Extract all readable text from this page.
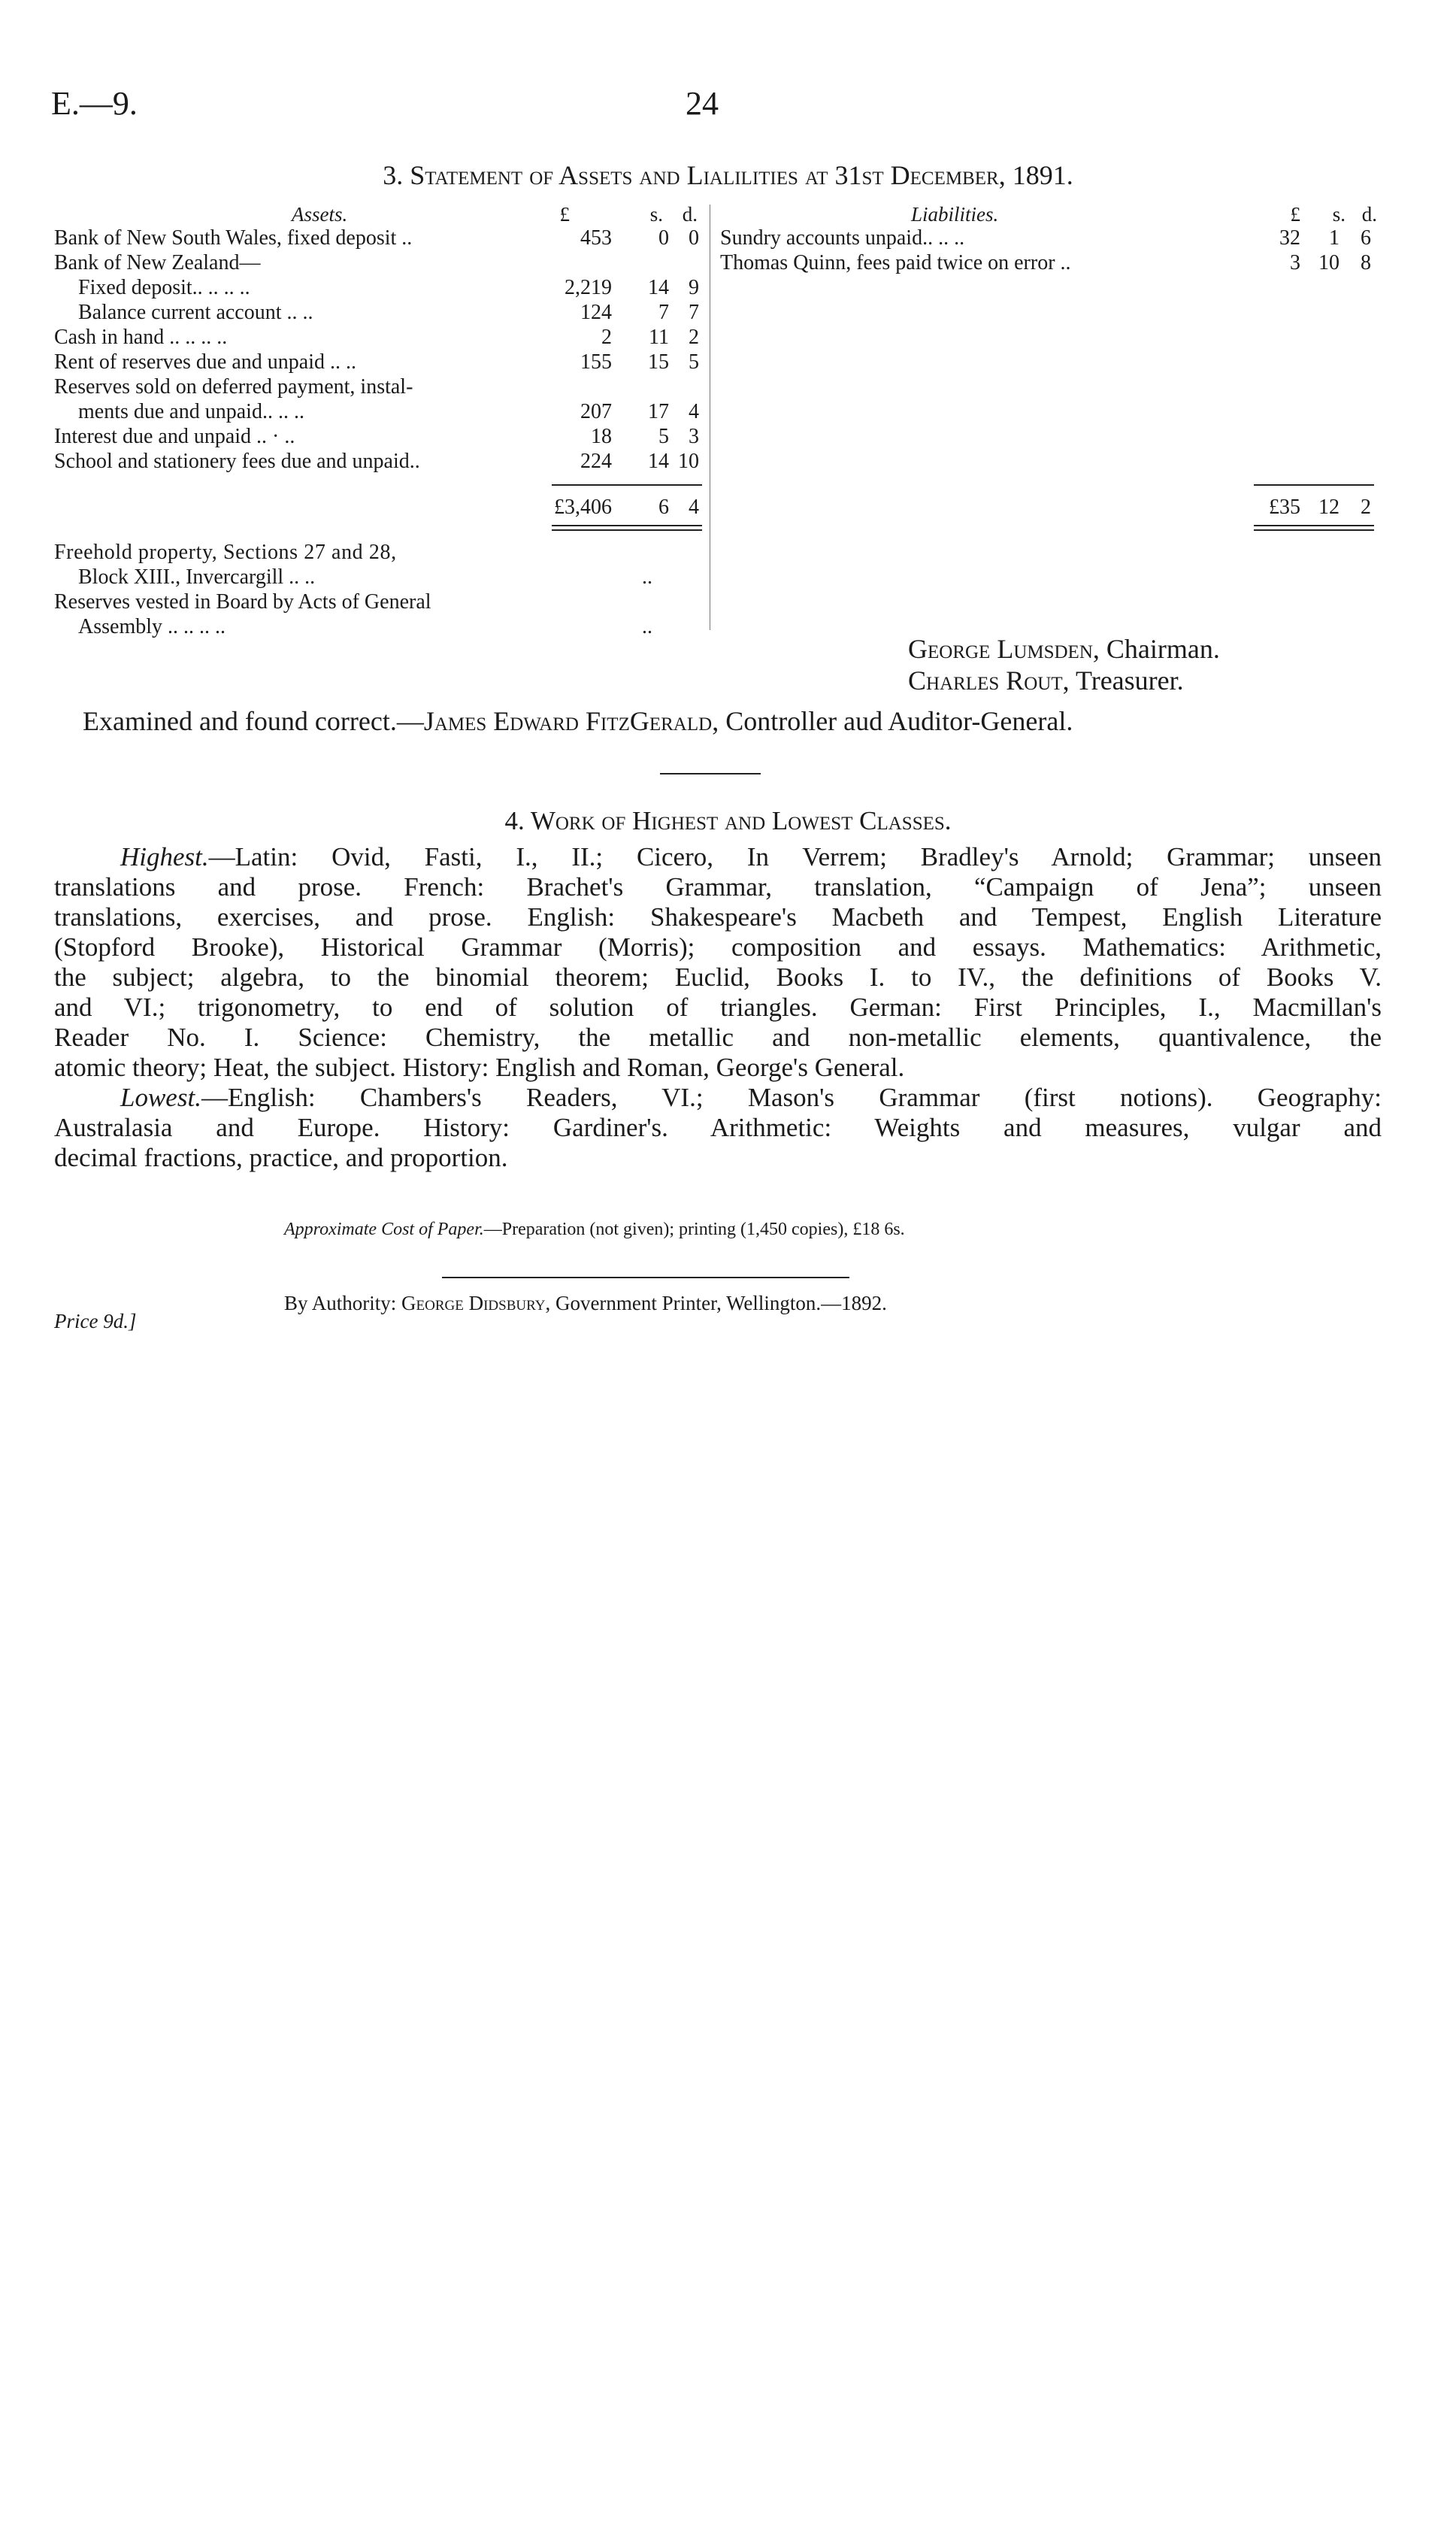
E.—9.	24
3. Statement of Assets and Lialilities at 31st December, 1891.
Assets.	£	s. d.	Liabilities.	£	s. d.
Bank of New South Wales, fixed deposit ..	453 0 0
Bank of New Zealand—
Fixed deposit.. .. .. ..	2,219 14 9
Balance current account .. ..	124 7 7
Cash in hand .. .. .. ..	2 11 2
Rent of reserves due and unpaid .. ..	155 15 5
Reserves sold on deferred payment, instal-
ments due and unpaid.. .. ..	207 17 4
Interest due and unpaid .. · ..	18 5 3
School and stationery fees due and unpaid..	224 14 10
£3,406 6 4
Freehold property, Sections 27 and 28,
Block XIII., Invercargill .. ..	..
Reserves vested in Board by Acts of General
Assembly .. .. .. ..	..
Sundry accounts unpaid.. .. ..	32 1 6
Thomas Quinn, fees paid twice on error ..	3 10 8
£35 12 2
George Lumsden, Chairman.
Charles Rout, Treasurer.
Examined and found correct.—James Edward FitzGerald, Controller aud Auditor-General.
4. Work of Highest and Lowest Classes.
Highest.—Latin: Ovid, Fasti, I., II.; Cicero, In Verrem; Bradley's Arnold; Grammar; unseen
translations and prose. French: Brachet's Grammar, translation, “Campaign of Jena”; unseen
translations, exercises, and prose. English: Shakespeare's Macbeth and Tempest, English Literature
(Stopford Brooke), Historical Grammar (Morris); composition and essays. Mathematics: Arithmetic,
the subject; algebra, to the binomial theorem; Euclid, Books I. to IV., the definitions of Books V.
and VI.; trigonometry, to end of solution of triangles. German: First Principles, I., Macmillan's
Reader No. I. Science: Chemistry, the metallic and non-metallic elements, quantivalence, the
atomic theory; Heat, the subject. History: English and Roman, George's General.
Lowest.—English: Chambers's Readers, VI.; Mason's Grammar (first notions). Geography:
Australasia and Europe. History: Gardiner's. Arithmetic: Weights and measures, vulgar and
decimal fractions, practice, and proportion.
Approximate Cost of Paper.—Preparation (not given); printing (1,450 copies), £18 6s.
By Authority: George Didsbury, Government Printer, Wellington.—1892.
Price 9d.]
